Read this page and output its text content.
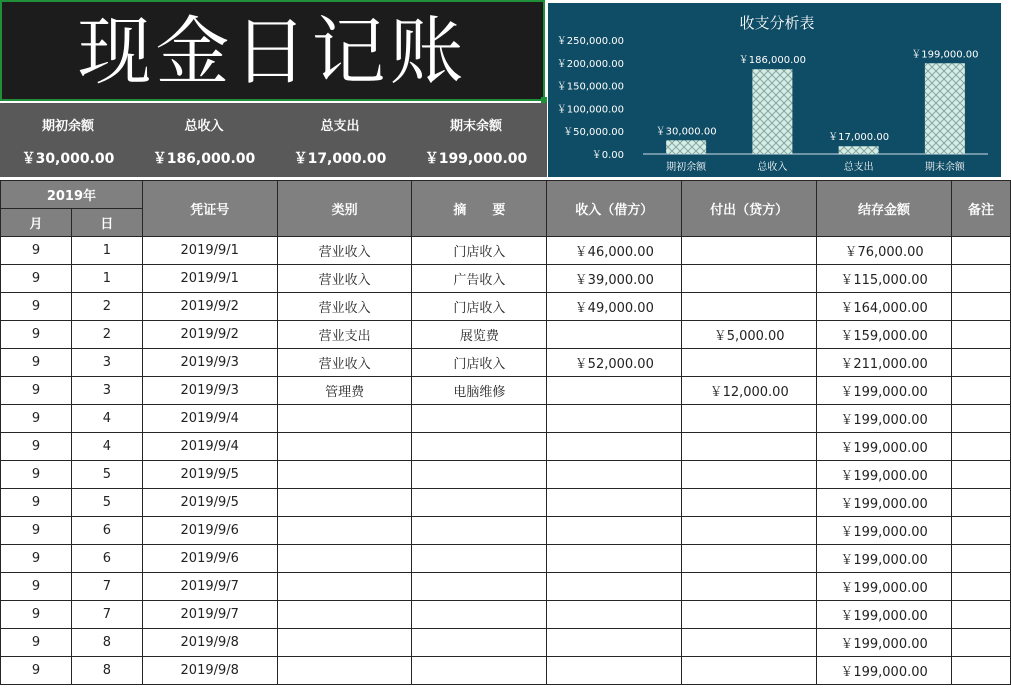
现金日记账
期初余额
￥30,000.00
总收入
￥186,000.00
总支出
￥17,000.00
期末余额
￥199,000.00
收支分析表
￥0.00
￥50,000.00
￥100,000.00
￥150,000.00
￥200,000.00
￥250,000.00
￥30,000.00
￥186,000.00
￥17,000.00
￥199,000.00
期初余额	总收入	总支出	期末余额
2019年		凭证号	类别	摘　　要	收入（借方）	付出（贷方）	结存金额	备注
月	日							
9	1	2019/9/1	营业收入	门店收入	￥46,000.00		￥76,000.00	
9	1	2019/9/1	营业收入	广告收入	￥39,000.00		￥115,000.00	
9	2	2019/9/2	营业收入	门店收入	￥49,000.00		￥164,000.00	
9	2	2019/9/2	营业支出	展览费		￥5,000.00	￥159,000.00	
9	3	2019/9/3	营业收入	门店收入	￥52,000.00		￥211,000.00	
9	3	2019/9/3	管理费	电脑维修		￥12,000.00	￥199,000.00	
9	4	2019/9/4					￥199,000.00	
9	4	2019/9/4					￥199,000.00	
9	5	2019/9/5					￥199,000.00	
9	5	2019/9/5					￥199,000.00	
9	6	2019/9/6					￥199,000.00	
9	6	2019/9/6					￥199,000.00	
9	7	2019/9/7					￥199,000.00	
9	7	2019/9/7					￥199,000.00	
9	8	2019/9/8					￥199,000.00	
9	8	2019/9/8					￥199,000.00	
